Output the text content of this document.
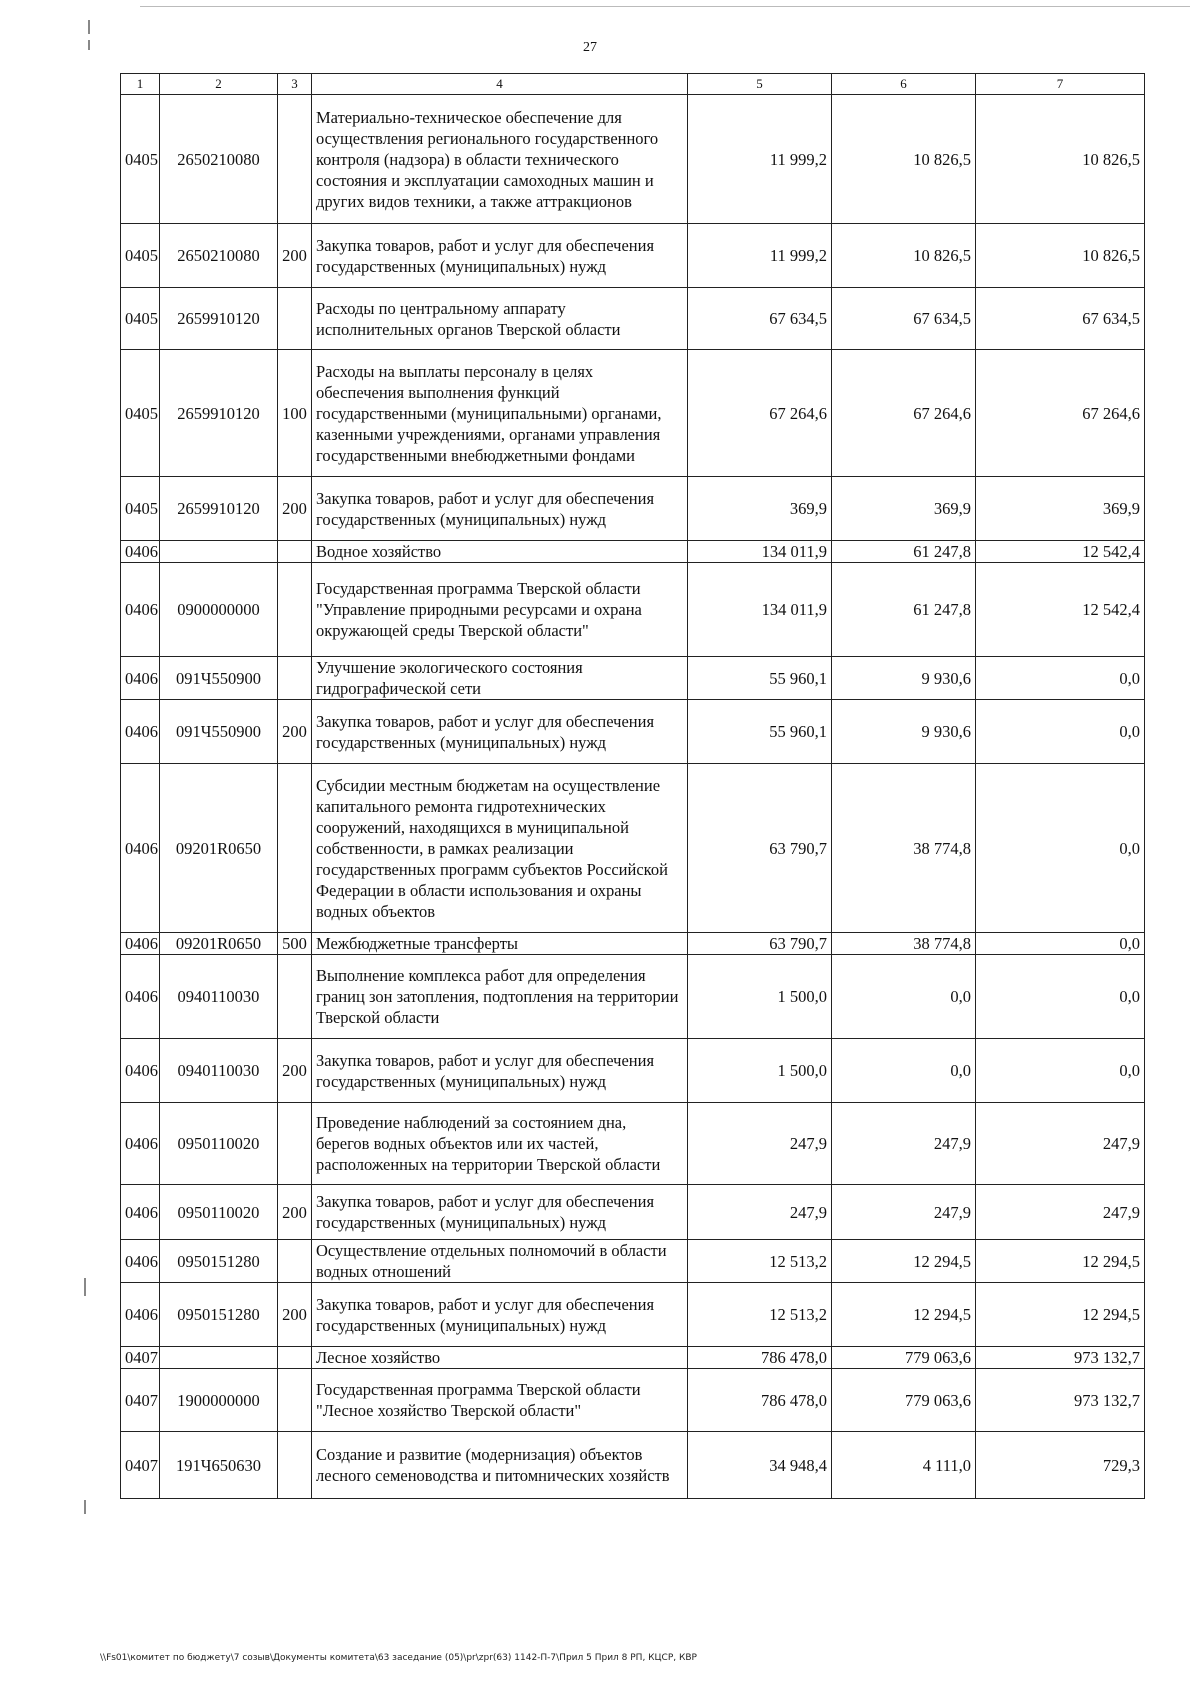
27
1	2	3	4	5	6	7
0405	2650210080		Материально-техническое обеспечение для осуществления регионального государственного контроля (надзора) в области технического состояния и эксплуатации самоходных машин и других видов техники, а также аттракционов	11 999,2	10 826,5	10 826,5
0405	2650210080	200	Закупка товаров, работ и услуг для обеспечения государственных (муниципальных) нужд	11 999,2	10 826,5	10 826,5
0405	2659910120		Расходы по центральному аппарату исполнительных органов Тверской области	67 634,5	67 634,5	67 634,5
0405	2659910120	100	Расходы на выплаты персоналу в целях обеспечения выполнения функций государственными (муниципальными) органами, казенными учреждениями, органами управления государственными внебюджетными фондами	67 264,6	67 264,6	67 264,6
0405	2659910120	200	Закупка товаров, работ и услуг для обеспечения государственных (муниципальных) нужд	369,9	369,9	369,9
0406			Водное хозяйство	134 011,9	61 247,8	12 542,4
0406	0900000000		Государственная программа Тверской области "Управление природными ресурсами и охрана окружающей среды Тверской области"	134 011,9	61 247,8	12 542,4
0406	091Ч550900		Улучшение экологического состояния гидрографической сети	55 960,1	9 930,6	0,0
0406	091Ч550900	200	Закупка товаров, работ и услуг для обеспечения государственных (муниципальных) нужд	55 960,1	9 930,6	0,0
0406	09201R0650		Субсидии местным бюджетам на осуществление капитального ремонта гидротехнических сооружений, находящихся в муниципальной собственности, в рамках реализации государственных программ субъектов Российской Федерации в области использования и охраны водных объектов	63 790,7	38 774,8	0,0
0406	09201R0650	500	Межбюджетные трансферты	63 790,7	38 774,8	0,0
0406	0940110030		Выполнение комплекса работ для определения границ зон затопления, подтопления на территории Тверской области	1 500,0	0,0	0,0
0406	0940110030	200	Закупка товаров, работ и услуг для обеспечения государственных (муниципальных) нужд	1 500,0	0,0	0,0
0406	0950110020		Проведение наблюдений за состоянием дна, берегов водных объектов или их частей, расположенных на территории Тверской области	247,9	247,9	247,9
0406	0950110020	200	Закупка товаров, работ и услуг для обеспечения государственных (муниципальных) нужд	247,9	247,9	247,9
0406	0950151280		Осуществление отдельных полномочий в области водных отношений	12 513,2	12 294,5	12 294,5
0406	0950151280	200	Закупка товаров, работ и услуг для обеспечения государственных (муниципальных) нужд	12 513,2	12 294,5	12 294,5
0407			Лесное хозяйство	786 478,0	779 063,6	973 132,7
0407	1900000000		Государственная программа Тверской области "Лесное хозяйство Тверской области"	786 478,0	779 063,6	973 132,7
0407	191Ч650630		Создание и развитие (модернизация) объектов лесного семеноводства и питомнических хозяйств	34 948,4	4 111,0	729,3
\\Fs01\комитет по бюджету\7 созыв\Документы комитета\63 заседание (05)\pr\zpr(63) 1142-П-7\Прил 5 Прил 8 РП, КЦСР, КВР
